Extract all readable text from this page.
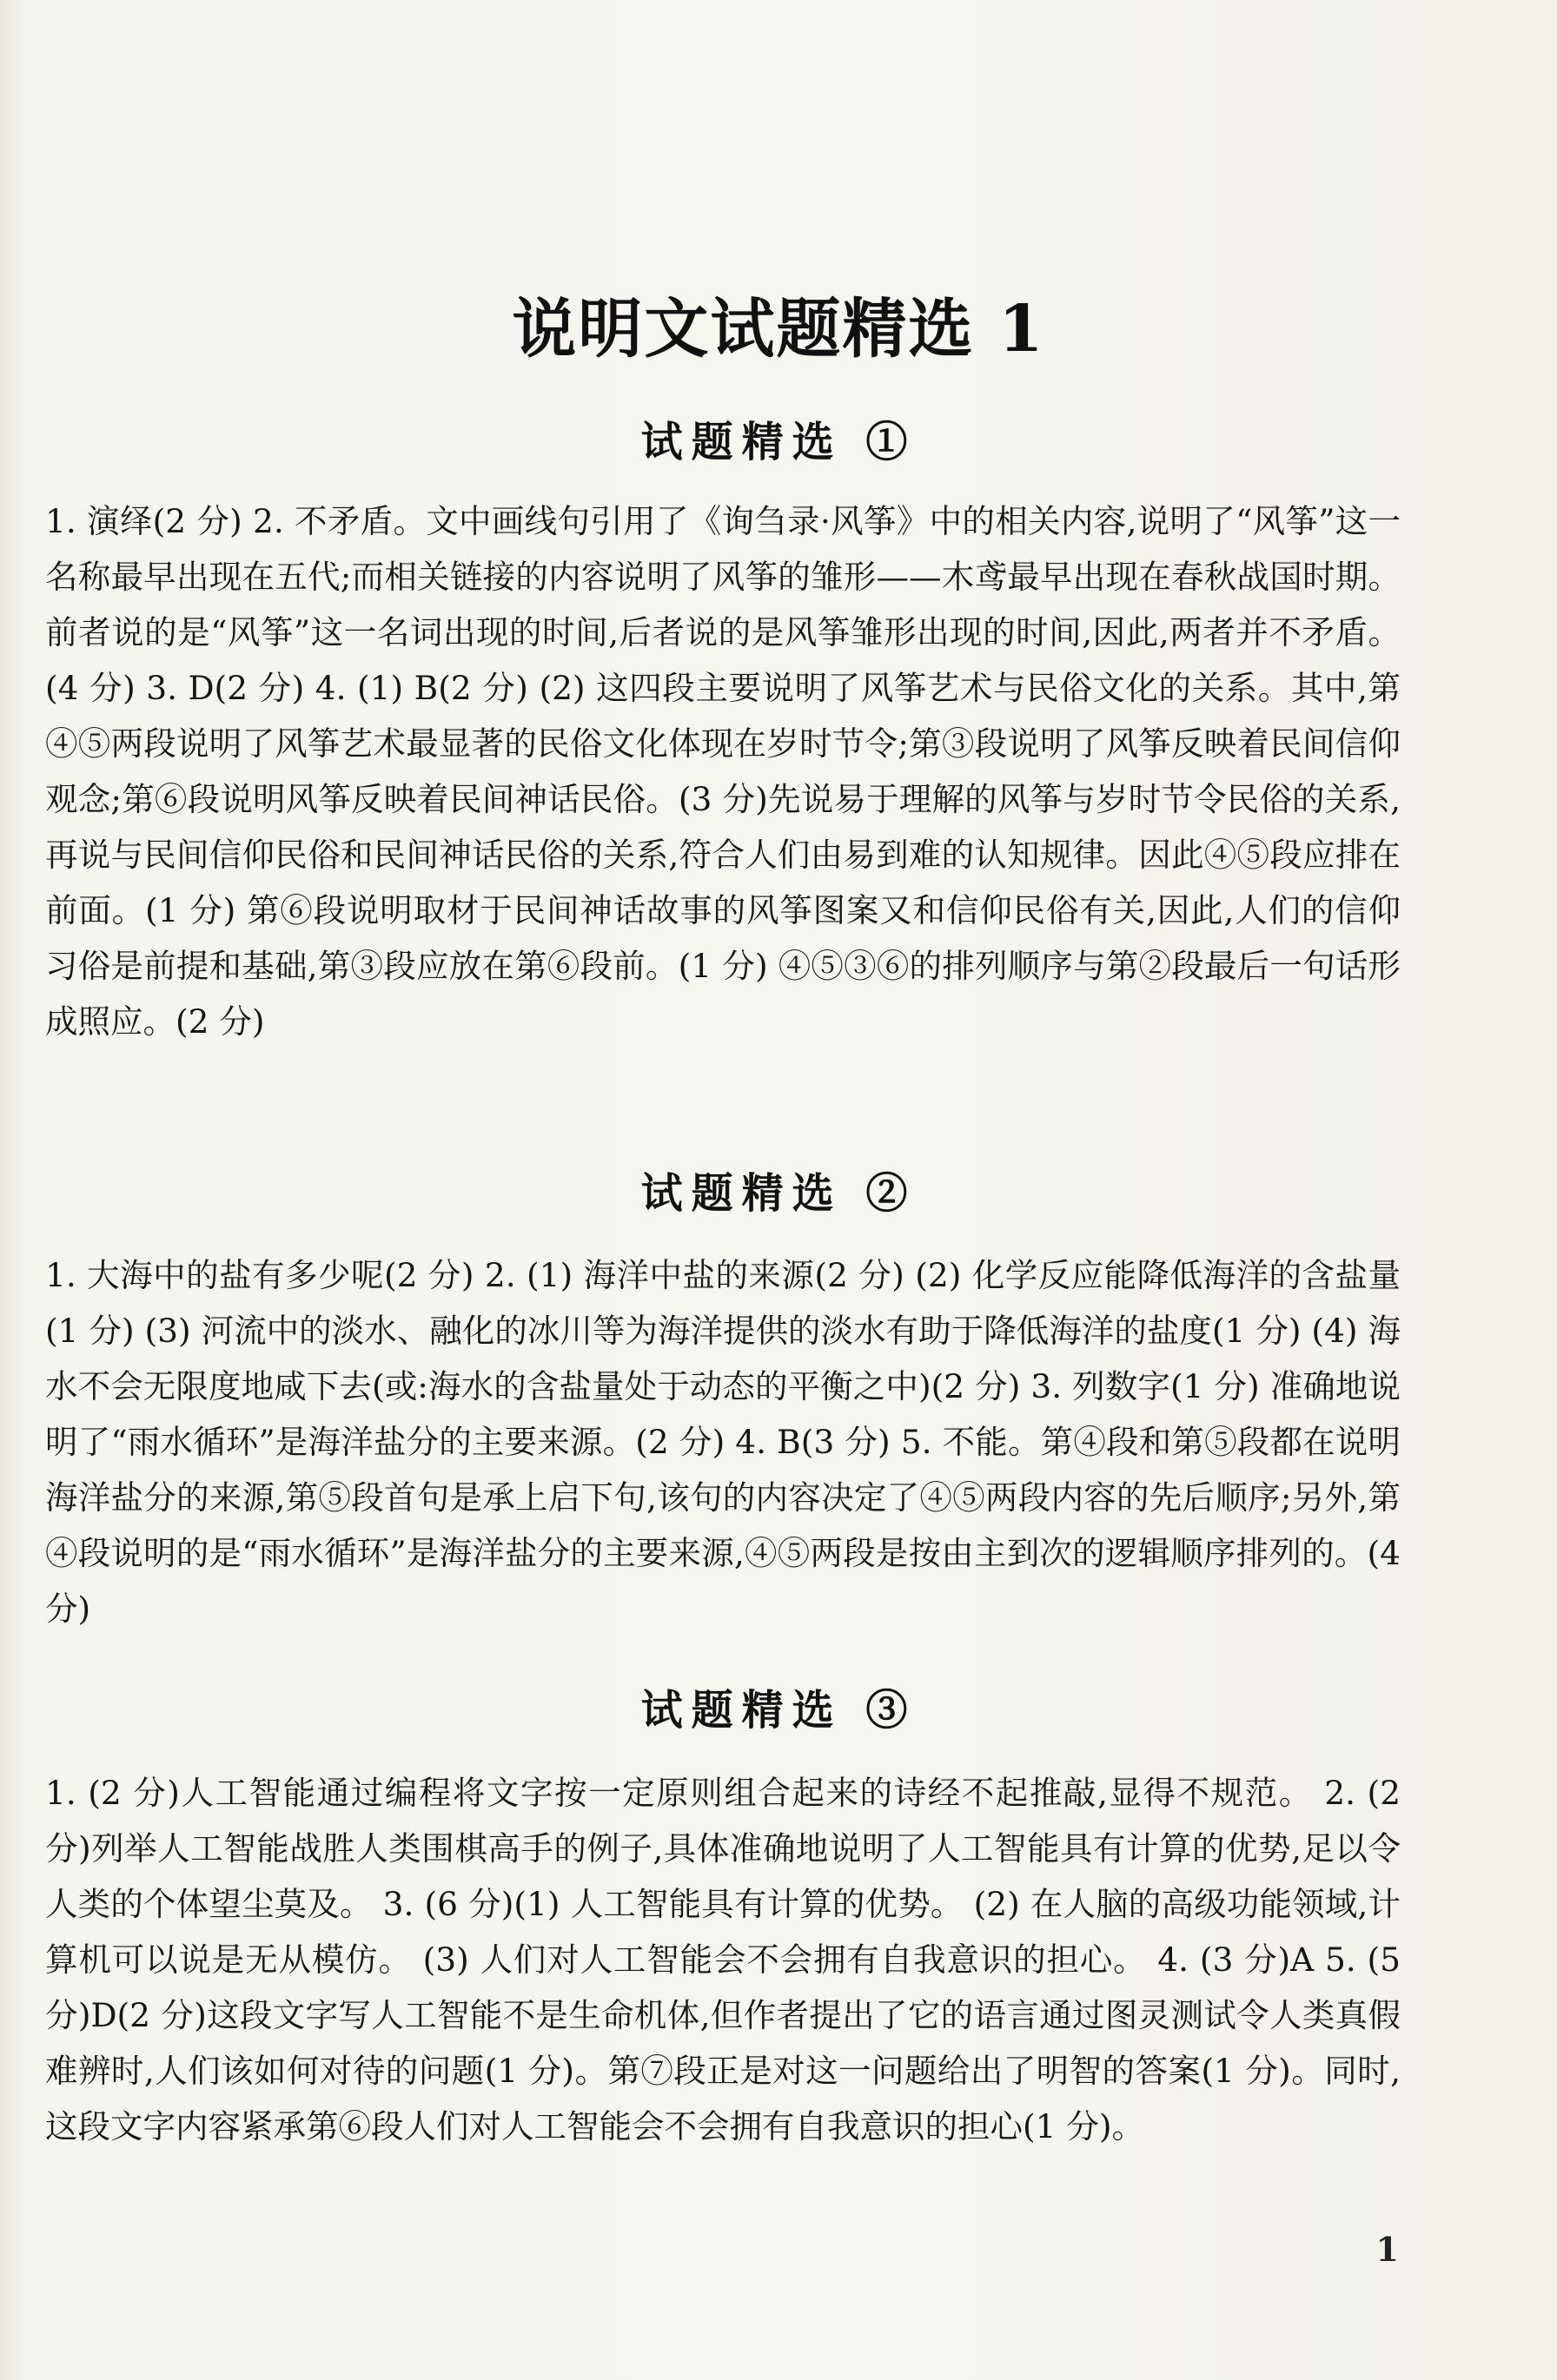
说明文试题精选 1
试题精选 ①
1. 演绎(2 分) 2. 不矛盾。文中画线句引用了《询刍录·风筝》中的相关内容,说明了“风筝”这一名称最早出现在五代;而相关链接的内容说明了风筝的雏形——木鸢最早出现在春秋战国时期。前者说的是“风筝”这一名词出现的时间,后者说的是风筝雏形出现的时间,因此,两者并不矛盾。(4 分) 3. D(2 分) 4. (1) B(2 分) (2) 这四段主要说明了风筝艺术与民俗文化的关系。其中,第④⑤两段说明了风筝艺术最显著的民俗文化体现在岁时节令;第③段说明了风筝反映着民间信仰观念;第⑥段说明风筝反映着民间神话民俗。(3 分)先说易于理解的风筝与岁时节令民俗的关系,再说与民间信仰民俗和民间神话民俗的关系,符合人们由易到难的认知规律。因此④⑤段应排在前面。(1 分) 第⑥段说明取材于民间神话故事的风筝图案又和信仰民俗有关,因此,人们的信仰习俗是前提和基础,第③段应放在第⑥段前。(1 分) ④⑤③⑥的排列顺序与第②段最后一句话形成照应。(2 分)
试题精选 ②
1. 大海中的盐有多少呢(2 分) 2. (1) 海洋中盐的来源(2 分) (2) 化学反应能降低海洋的含盐量(1 分) (3) 河流中的淡水、融化的冰川等为海洋提供的淡水有助于降低海洋的盐度(1 分) (4) 海水不会无限度地咸下去(或:海水的含盐量处于动态的平衡之中)(2 分) 3. 列数字(1 分) 准确地说明了“雨水循环”是海洋盐分的主要来源。(2 分) 4. B(3 分) 5. 不能。第④段和第⑤段都在说明海洋盐分的来源,第⑤段首句是承上启下句,该句的内容决定了④⑤两段内容的先后顺序;另外,第④段说明的是“雨水循环”是海洋盐分的主要来源,④⑤两段是按由主到次的逻辑顺序排列的。(4 分)
试题精选 ③
1. (2 分)人工智能通过编程将文字按一定原则组合起来的诗经不起推敲,显得不规范。 2. (2 分)列举人工智能战胜人类围棋高手的例子,具体准确地说明了人工智能具有计算的优势,足以令人类的个体望尘莫及。 3. (6 分)(1) 人工智能具有计算的优势。 (2) 在人脑的高级功能领域,计算机可以说是无从模仿。 (3) 人们对人工智能会不会拥有自我意识的担心。 4. (3 分)A 5. (5 分)D(2 分)这段文字写人工智能不是生命机体,但作者提出了它的语言通过图灵测试令人类真假难辨时,人们该如何对待的问题(1 分)。第⑦段正是对这一问题给出了明智的答案(1 分)。同时,这段文字内容紧承第⑥段人们对人工智能会不会拥有自我意识的担心(1 分)。
1
